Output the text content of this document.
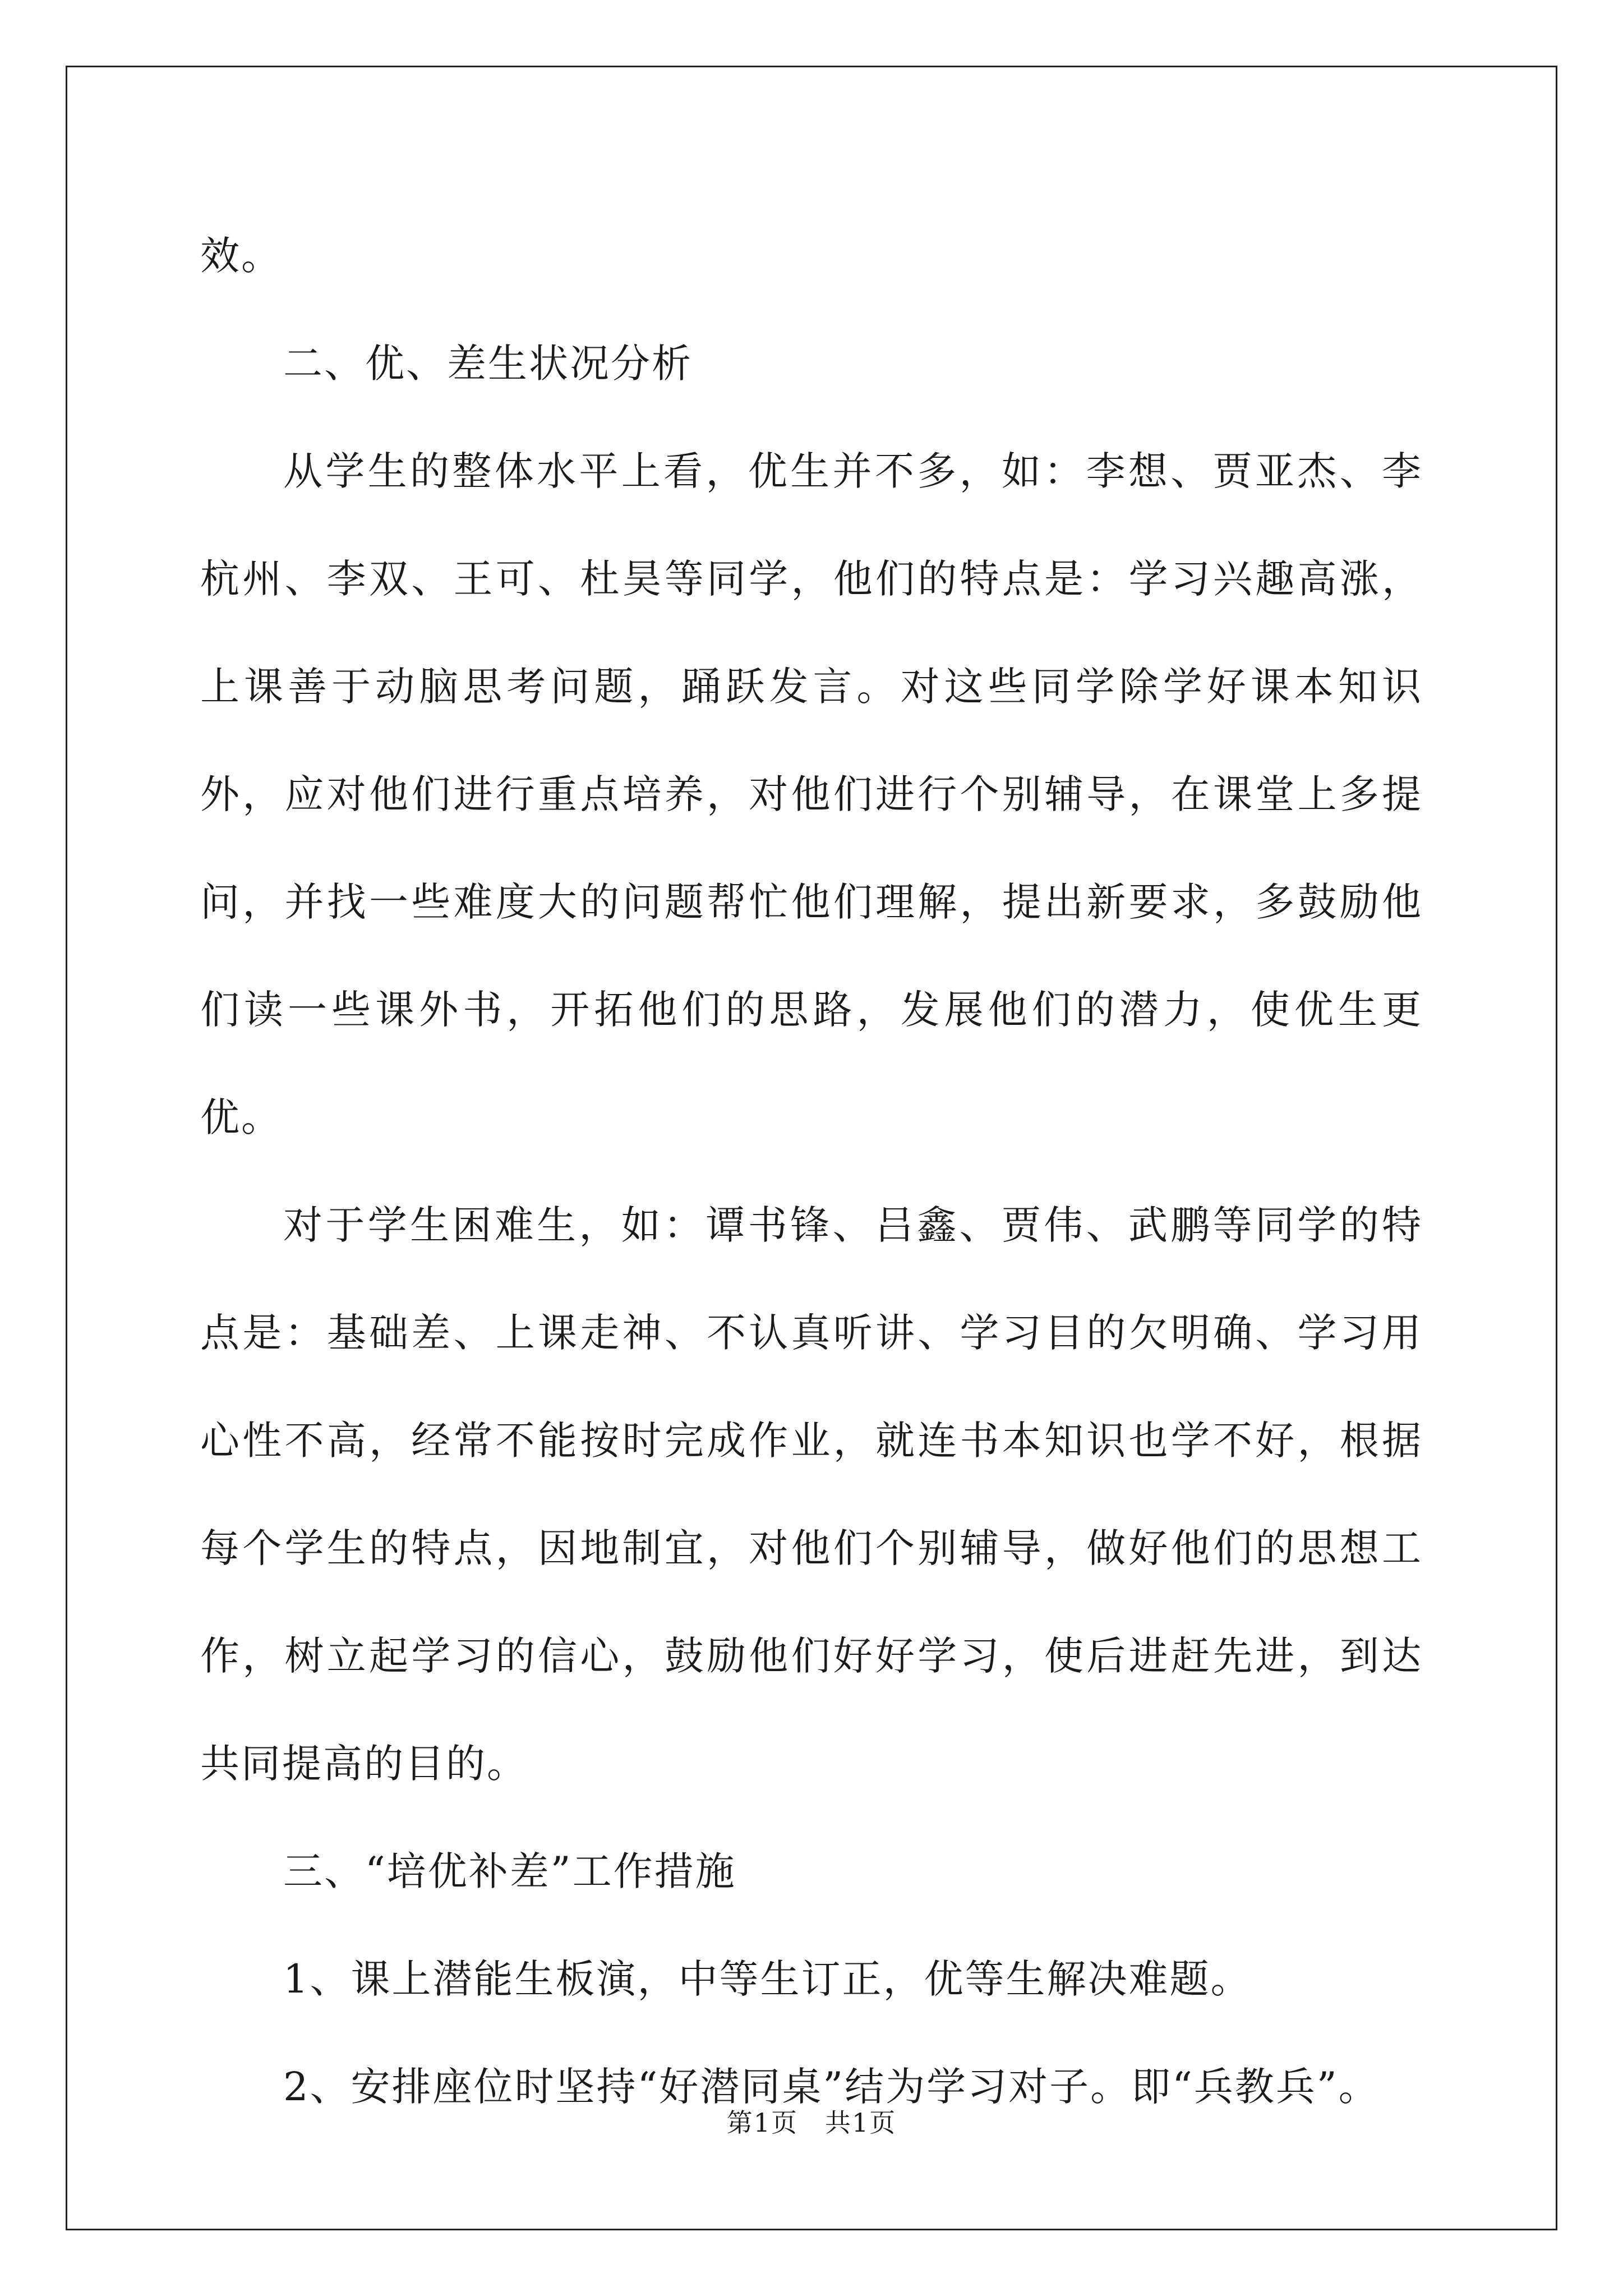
效。

二、优、差生状况分析

从学生的整体水平上看，优生并不多，如：李想、贾亚杰、李杭州、李双、王可、杜昊等同学，他们的特点是：学习兴趣高涨，上课善于动脑思考问题，踊跃发言。对这些同学除学好课本知识外，应对他们进行重点培养，对他们进行个别辅导，在课堂上多提问，并找一些难度大的问题帮忙他们理解，提出新要求，多鼓励他们读一些课外书，开拓他们的思路，发展他们的潜力，使优生更优。

对于学生困难生，如：谭书锋、吕鑫、贾伟、武鹏等同学的特点是：基础差、上课走神、不认真听讲、学习目的欠明确、学习用心性不高，经常不能按时完成作业，就连书本知识也学不好，根据每个学生的特点，因地制宜，对他们个别辅导，做好他们的思想工作，树立起学习的信心，鼓励他们好好学习，使后进赶先进，到达共同提高的目的。

三、“培优补差”工作措施

1、课上潜能生板演，中等生订正，优等生解决难题。

2、安排座位时坚持“好潜同桌”结为学习对子。即“兵教兵”。

第1页　共1页
